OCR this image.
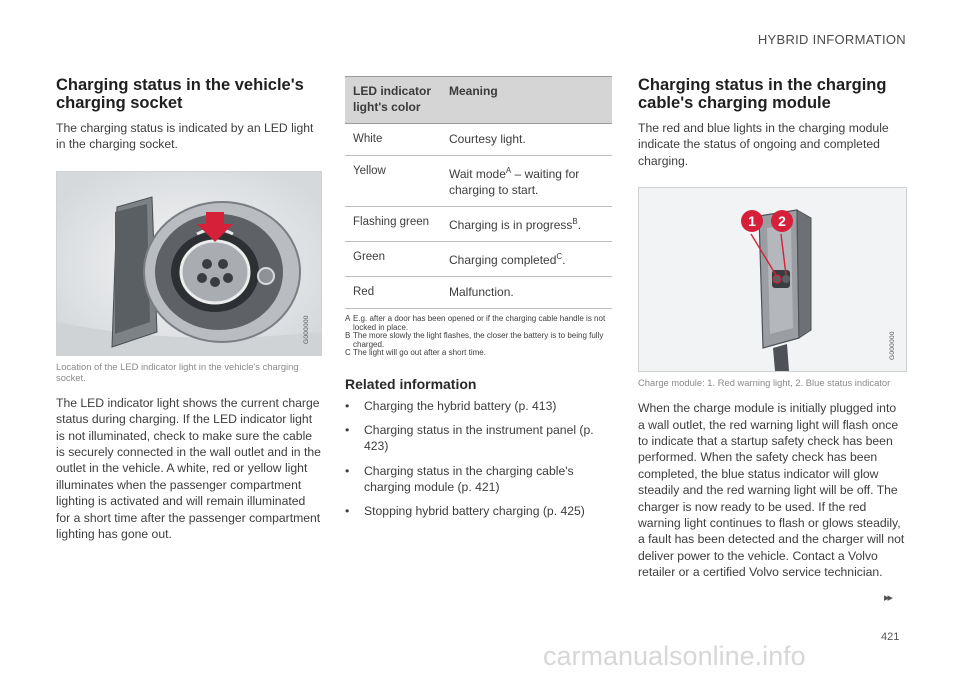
HYBRID INFORMATION
Charging status in the vehicle's charging socket

The charging status is indicated by an LED light in the charging socket.

G000000
Location of the LED indicator light in the vehicle's charging socket.

The LED indicator light shows the current charge status during charging. If the LED indicator light is not illuminated, check to make sure the cable is securely connected in the wall outlet and in the outlet in the vehicle. A white, red or yellow light illuminates when the passenger compartment lighting is activated and will remain illuminated for a short time after the passenger compartment lighting has gone out.

LED indicator light's color	Meaning
White	Courtesy light.
Yellow	Wait mode$^A$ – waiting for charging to start.
Flashing green	Charging is in progress$^B$.
Green	Charging completed$^C$.
Red	Malfunction.
A E.g. after a door has been opened or if the charging cable handle is not locked in place.
B The more slowly the light flashes, the closer the battery is to being fully charged.
C The light will go out after a short time.
Related information
• Charging the hybrid battery (p. 413)
• Charging status in the instrument panel (p. 423)
• Charging status in the charging cable's charging module (p. 421)
• Stopping hybrid battery charging (p. 425)
Charging status in the charging cable's charging module

The red and blue lights in the charging module indicate the status of ongoing and completed charging.

1	2
G000000
Charge module: 1. Red warning light, 2. Blue status indicator

When the charge module is initially plugged into a wall outlet, the red warning light will flash once to indicate that a startup safety check has been performed. When the safety check has been completed, the blue status indicator will glow steadily and the red warning light will be off. The charger is now ready to be used. If the red warning light continues to flash or glows steadily, a fault has been detected and the charger will not deliver power to the vehicle. Contact a Volvo retailer or a certified Volvo service technician.

▸▸
421
carmanualsonline.info
